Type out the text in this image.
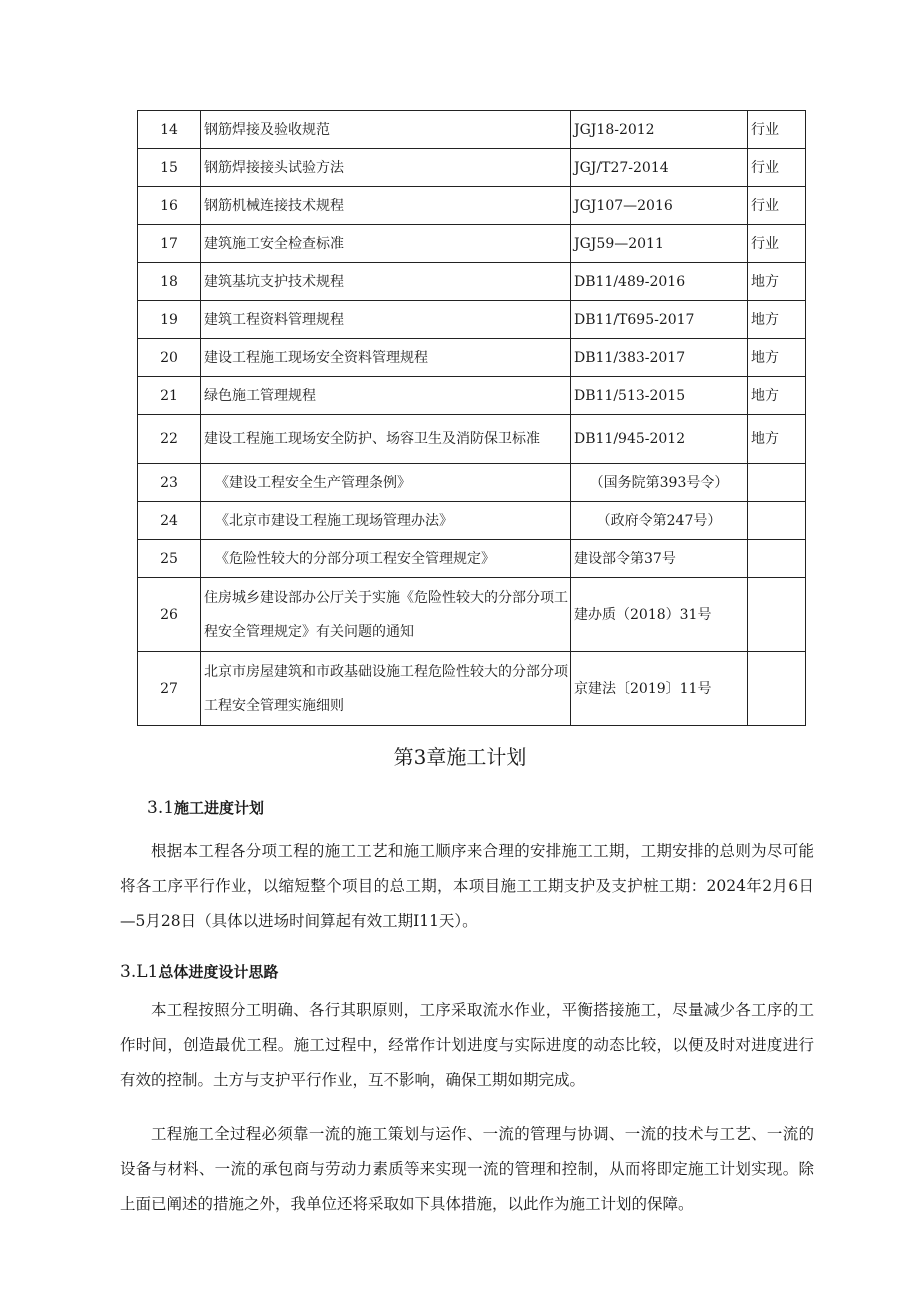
14	钢筋焊接及验收规范	JGJ18-2012	行业
15	钢筋焊接接头试验方法	JGJ/T27-2014	行业
16	钢筋机械连接技术规程	JGJ107—2016	行业
17	建筑施工安全检查标准	JGJ59—2011	行业
18	建筑基坑支护技术规程	DB11/489-2016	地方
19	建筑工程资料管理规程	DB11/T695-2017	地方
20	建设工程施工现场安全资料管理规程	DB11/383-2017	地方
21	绿色施工管理规程	DB11/513-2015	地方
22	建设工程施工现场安全防护、场容卫生及消防保卫标准	DB11/945-2012	地方
23	《建设工程安全生产管理条例》	（国务院第393号令）	
24	《北京市建设工程施工现场管理办法》	（政府令第247号）	
25	《危险性较大的分部分项工程安全管理规定》	建设部令第37号	
26	住房城乡建设部办公厅关于实施《危险性较大的分部分项工程安全管理规定》有关问题的通知	建办质（2018）31号	
27	北京市房屋建筑和市政基础设施工程危险性较大的分部分项工程安全管理实施细则	京建法〔2019〕11号	
第3章施工计划
3.1施工进度计划

根据本工程各分项工程的施工工艺和施工顺序来合理的安排施工工期，工期安排的总则为尽可能将各工序平行作业，以缩短整个项目的总工期，本项目施工工期支护及支护桩工期：2024年2月6日—5月28日（具体以进场时间算起有效工期I11天）。

3.L1总体进度设计思路

本工程按照分工明确、各行其职原则，工序采取流水作业，平衡搭接施工，尽量减少各工序的工作时间，创造最优工程。施工过程中，经常作计划进度与实际进度的动态比较，以便及时对进度进行有效的控制。土方与支护平行作业，互不影响，确保工期如期完成。

工程施工全过程必须靠一流的施工策划与运作、一流的管理与协调、一流的技术与工艺、一流的设备与材料、一流的承包商与劳动力素质等来实现一流的管理和控制，从而将即定施工计划实现。除上面已阐述的措施之外，我单位还将采取如下具体措施，以此作为施工计划的保障。
